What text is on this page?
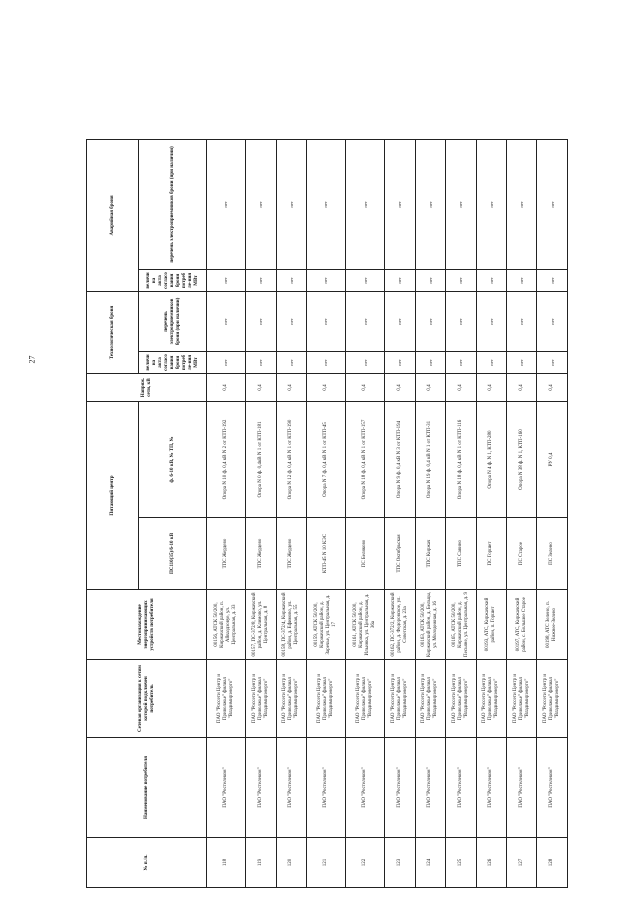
27
№ п./п.	Наименование потребителя	Сетевая организация к сетям которой подключен потребитель	Местонахождение энергопринимающих устройств потребителя	Питающий центр		Напряж. сети, кВ	Технологическая броня		Аварийная броня	
				ПС110(35)/6-10 кВ	ф. 6-10 кВ, № ТП, №		величина акта согласования брони потребле-ния МВт	перечень электроприемников брони (при наличии)	величина акта согласования брони потребле-ния МВт	перечень электроприемников брони (при наличии)

118	ПАО "Ростелеком"	ПАО "Россети Центр и Приволжье" филиал "Владимирэнерго"	00156, АТСК 50/200, Киржачский район, п. Айваздзовуе, ул. Центральная, д. 33	ТПС Жердево	Опора N 10 ф. 0,4 кВ N 2 от КТП-192	0,4	нет	нет	нет	нет
119	ПАО "Ростелеком"	ПАО "Россети Центр и Приволжье" филиал "Владимирэнерго"	00157, ПС-372/8, Киржачский район, д. Климово, ул. Центральная, д. 8	ТПС Жердево	Опора N 0 ф. 0,4кВ N 1 от КТП-181	0,4	нет	нет	нет	нет
120	ПАО "Ростелеком"	ПАО "Россети Центр и Приволжье" филиал "Владимирэнерго"	00158, ПС-372/4, Киржачский район, д. Ефимово, ул. Центральная, д. 55	ТПС Жердево	Опора N 12 ф. 0,4 кВ N 1 от КТП-190	0,4	нет	нет	нет	нет
121	ПАО "Ростелеком"	ПАО "Россети Центр и Приволжье" филиал "Владимирэнерго"	00159, АТСК 50/200, Киржачский район, д. Заречье, ул. Центральная, д. 17	КТП-45 N 10 КЭС	Опора N 7 ф. 0,4 кВ N 1 от КТП-45	0,4	нет	нет	нет	нет
122	ПАО "Ростелеком"	ПАО "Россети Центр и Приволжье" филиал "Владимирэнерго"	00161, АТСК 50/200, Киржачский район, д. Ильинка, ул. Центральная, д. 36а	ПС Беляково	Опора N 18 ф. 0,4 кВ N 1 от КТП-157	0,4	нет	нет	нет	нет
123	ПАО "Ростелеком"	ПАО "Россети Центр и Приволжье" филиал "Владимирэнерго"	00162, ПС-372/2, Киржачский район, д. Федоровское, ул. Советская, д. 23а	ТПС Октябрьская	Опора N 9 ф. 0,4 кВ N 3 от КТП-194	0,4	нет	нет	нет	нет
124	ПАО "Ростелеком"	ПАО "Россети Центр и Приволжье" филиал "Владимирэнерго"	00163, АТСК 50/200, Киржачский район, д. Бельцы, ул. Молодежная, д. 16	ТПС Киржач	Опора N 19 ф. 0,4 кВ N 1 от КТП-31	0,4	нет	нет	нет	нет
125	ПАО "Ростелеком"	ПАО "Россети Центр и Приволжье" филиал "Владимирэнерго"	00165, АТСК 50/200, Киржачский район, д. Песьяне, ул. Центральная, д. 9	ТПС Савино	Опора N 18 ф. 0,4 кВ N 1 от КТП-116	0,4	нет	нет	нет	нет
126	ПАО "Ростелеком"	ПАО "Россети Центр и Приволжье" филиал "Владимирэнерго"	00193, АТС, Киржачский район, п. Горшет	ПС Горшет	Опора N 4 ф. N 1, КТП-280	0,4	нет	нет	нет	нет
127	ПАО "Ростелеком"	ПАО "Россети Центр и Приволжье" филиал "Владимирэнерго"	00197, АТС, Киржачский район, с. Большое Старое	ПС Старое	Опора N 38 ф. N 1, КТП-160	0,4	нет	нет	нет	нет
128	ПАО "Ростелеком"	ПАО "Россети Центр и Приволжье" филиал "Владимирэнерго"	00198, АТС Зелено, п. Нижнее-Зелено	ПС Зелено	РУ 0,4	0,4	нет	нет	нет	нет
